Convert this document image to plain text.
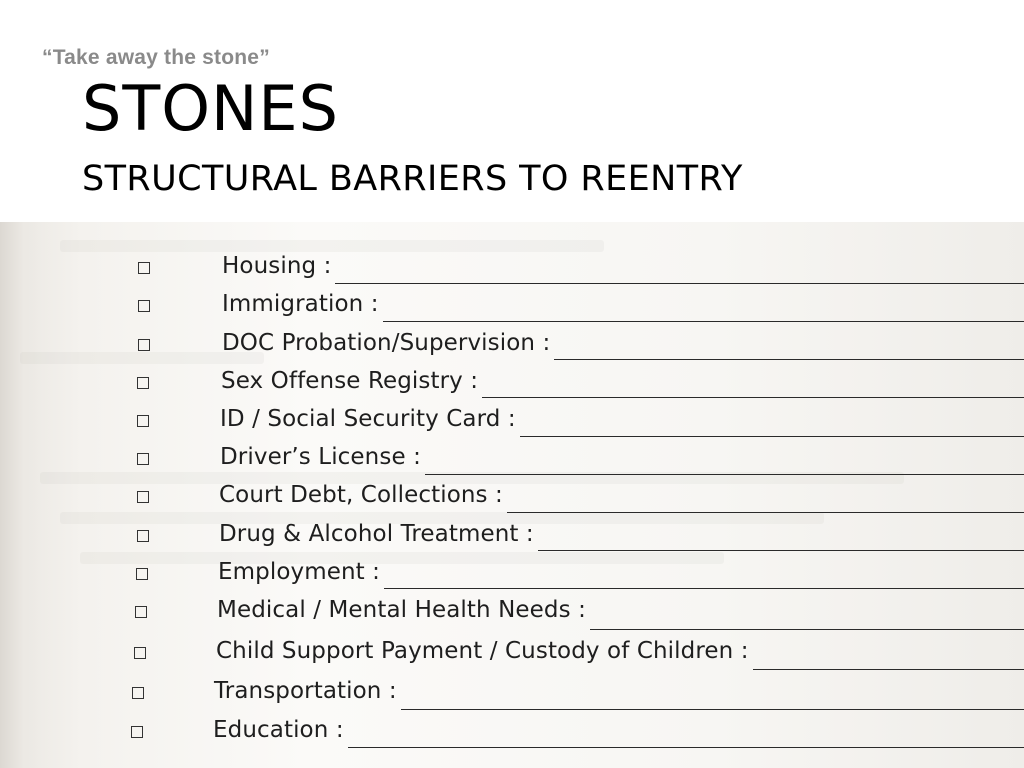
“Take away the stone”
STONES
STRUCTURAL BARRIERS TO REENTRY
Housing :
Immigration :
DOC Probation/Supervision :
Sex Offense Registry :
ID / Social Security Card :
Driver’s License :
Court Debt, Collections :
Drug & Alcohol Treatment :
Employment :
Medical / Mental Health Needs :
Child Support Payment / Custody of Children :
Transportation :
Education :
